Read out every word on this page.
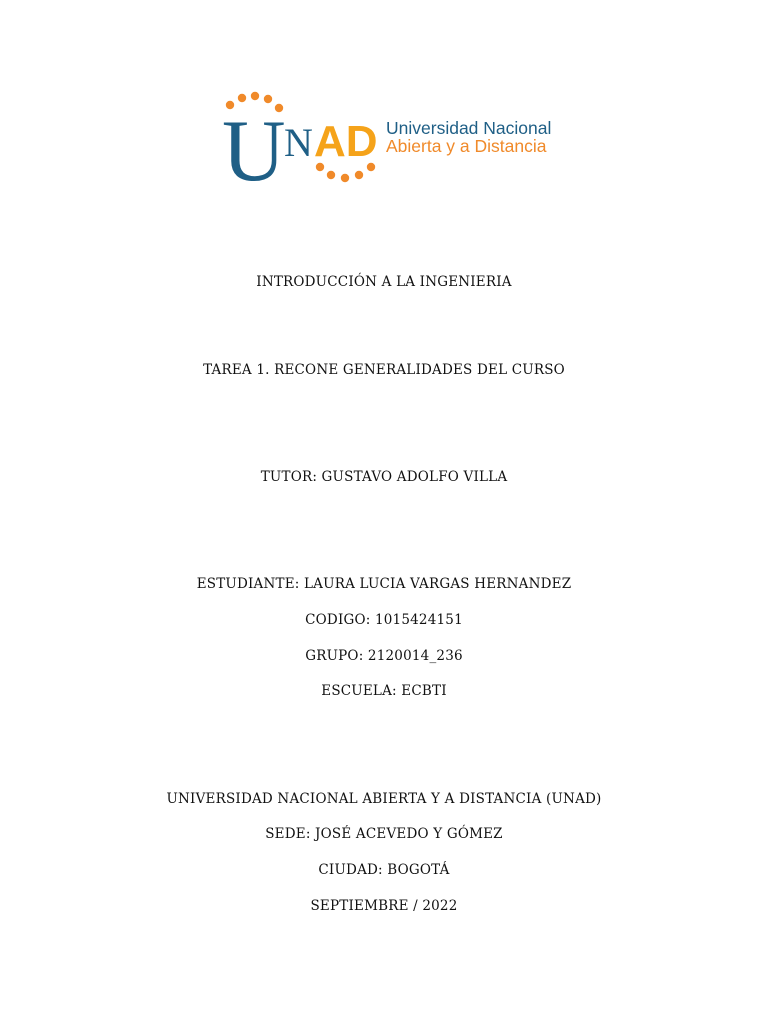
U
N AD Universidad Nacional
Abierta y a Distancia
INTRODUCCIÓN A LA INGENIERIA
TAREA 1. RECONE GENERALIDADES DEL CURSO
TUTOR: GUSTAVO ADOLFO VILLA
ESTUDIANTE: LAURA LUCIA VARGAS HERNANDEZ
CODIGO: 1015424151
GRUPO: 2120014_236
ESCUELA: ECBTI
UNIVERSIDAD NACIONAL ABIERTA Y A DISTANCIA (UNAD)
SEDE: JOSÉ ACEVEDO Y GÓMEZ
CIUDAD: BOGOTÁ
SEPTIEMBRE / 2022
